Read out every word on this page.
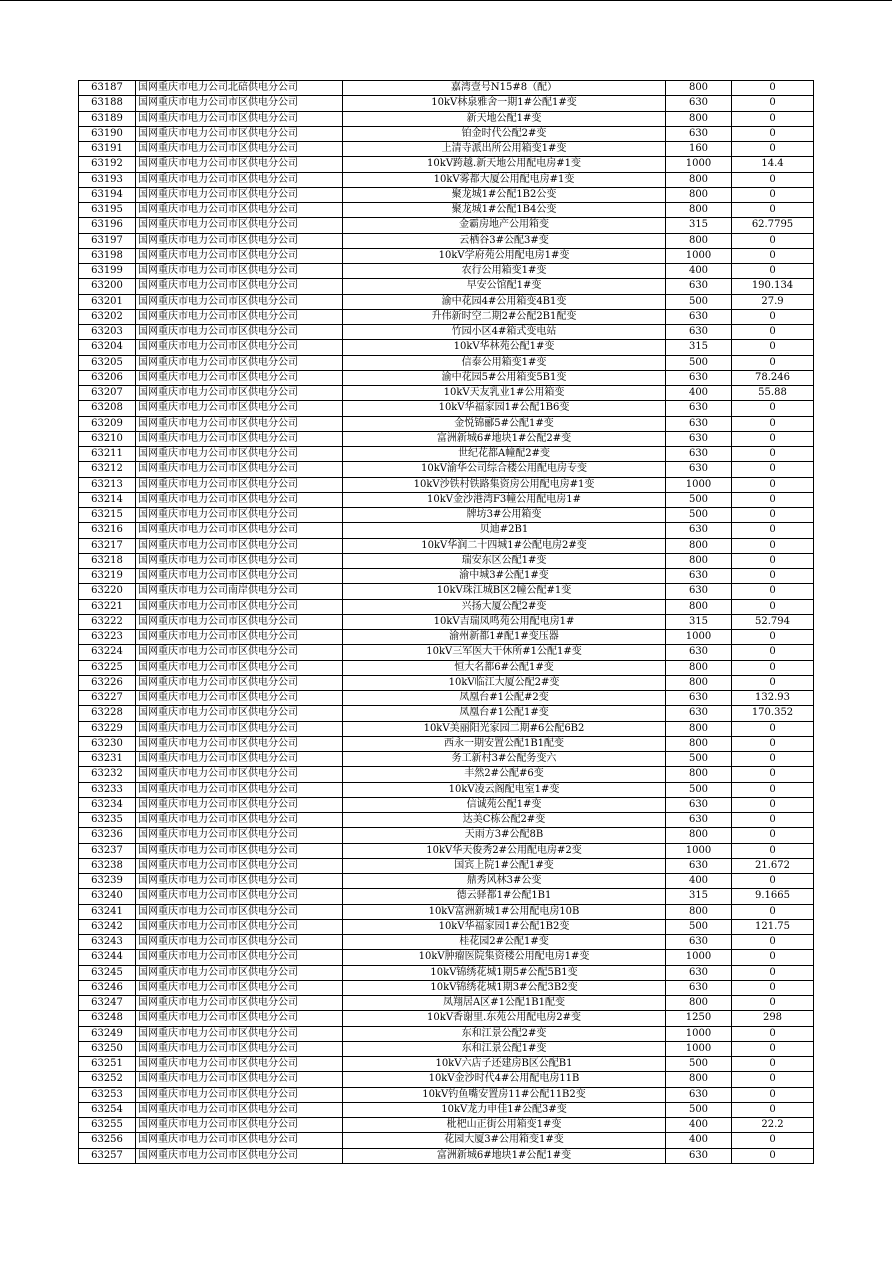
63187	国网重庆市电力公司北碚供电分公司	嘉湾壹号N15#8（配）	800	0
63188	国网重庆市电力公司市区供电分公司	10kV林泉雅舍一期1#公配1#变	630	0
63189	国网重庆市电力公司市区供电分公司	新天地公配1#变	800	0
63190	国网重庆市电力公司市区供电分公司	铂金时代公配2#变	630	0
63191	国网重庆市电力公司市区供电分公司	上清寺派出所公用箱变1#变	160	0
63192	国网重庆市电力公司市区供电分公司	10kV跨越.新天地公用配电房#1变	1000	14.4
63193	国网重庆市电力公司市区供电分公司	10kV雾都大厦公用配电房#1变	800	0
63194	国网重庆市电力公司市区供电分公司	聚龙城1#公配1B2公变	800	0
63195	国网重庆市电力公司市区供电分公司	聚龙城1#公配1B4公变	800	0
63196	国网重庆市电力公司市区供电分公司	金霸房地产公用箱变	315	62.7795
63197	国网重庆市电力公司市区供电分公司	云栖谷3#公配3#变	800	0
63198	国网重庆市电力公司市区供电分公司	10kV学府苑公用配电房1#变	1000	0
63199	国网重庆市电力公司市区供电分公司	农行公用箱变1#变	400	0
63200	国网重庆市电力公司市区供电分公司	早安公馆配1#变	630	190.134
63201	国网重庆市电力公司市区供电分公司	渝中花园4#公用箱变4B1变	500	27.9
63202	国网重庆市电力公司市区供电分公司	升伟新时空二期2#公配2B1配变	630	0
63203	国网重庆市电力公司市区供电分公司	竹园小区4#箱式变电站	630	0
63204	国网重庆市电力公司市区供电分公司	10kV华林苑公配1#变	315	0
63205	国网重庆市电力公司市区供电分公司	信泰公用箱变1#变	500	0
63206	国网重庆市电力公司市区供电分公司	渝中花园5#公用箱变5B1变	630	78.246
63207	国网重庆市电力公司市区供电分公司	10kV天友乳业1#公用箱变	400	55.88
63208	国网重庆市电力公司市区供电分公司	10kV华福家园1#公配1B6变	630	0
63209	国网重庆市电力公司市区供电分公司	金悦锦郦5#公配1#变	630	0
63210	国网重庆市电力公司市区供电分公司	富洲新城6#地块1#公配2#变	630	0
63211	国网重庆市电力公司市区供电分公司	世纪花都A幢配2#变	630	0
63212	国网重庆市电力公司市区供电分公司	10kV渝华公司综合楼公用配电房专变	630	0
63213	国网重庆市电力公司市区供电分公司	10kV沙铁村铁路集资房公用配电房#1变	1000	0
63214	国网重庆市电力公司市区供电分公司	10kV金沙港湾F3幢公用配电房1#	500	0
63215	国网重庆市电力公司市区供电分公司	牌坊3#公用箱变	500	0
63216	国网重庆市电力公司市区供电分公司	贝迪#2B1	630	0
63217	国网重庆市电力公司市区供电分公司	10kV华润二十四城1#公配电房2#变	800	0
63218	国网重庆市电力公司市区供电分公司	瑞安东区公配1#变	800	0
63219	国网重庆市电力公司市区供电分公司	渝中城3#公配1#变	630	0
63220	国网重庆市电力公司南岸供电分公司	10kV珠江城B区2幢公配#1变	630	0
63221	国网重庆市电力公司市区供电分公司	兴扬大厦公配2#变	800	0
63222	国网重庆市电力公司市区供电分公司	10kV吉瑞凤鸣苑公用配电房1#	315	52.794
63223	国网重庆市电力公司市区供电分公司	渝州新都1#配1#变压器	1000	0
63224	国网重庆市电力公司市区供电分公司	10kV三军医大干休所#1公配1#变	630	0
63225	国网重庆市电力公司市区供电分公司	恒大名都6#公配1#变	800	0
63226	国网重庆市电力公司市区供电分公司	10kV临江大厦公配2#变	800	0
63227	国网重庆市电力公司市区供电分公司	凤凰台#1公配#2变	630	132.93
63228	国网重庆市电力公司市区供电分公司	凤凰台#1公配1#变	630	170.352
63229	国网重庆市电力公司市区供电分公司	10kV美丽阳光家园二期#6公配6B2	800	0
63230	国网重庆市电力公司市区供电分公司	西永一期安置公配1B1配变	800	0
63231	国网重庆市电力公司市区供电分公司	务工新村3#公配务变六	500	0
63232	国网重庆市电力公司市区供电分公司	丰然2#公配#6变	800	0
63233	国网重庆市电力公司市区供电分公司	10kV凌云阁配电室1#变	500	0
63234	国网重庆市电力公司市区供电分公司	信诚苑公配1#变	630	0
63235	国网重庆市电力公司市区供电分公司	达美C栋公配2#变	630	0
63236	国网重庆市电力公司市区供电分公司	天雨方3#公配8B	800	0
63237	国网重庆市电力公司市区供电分公司	10kV华天俊秀2#公用配电房#2变	1000	0
63238	国网重庆市电力公司市区供电分公司	国宾上院1#公配1#变	630	21.672
63239	国网重庆市电力公司市区供电分公司	鼎秀风林3#公变	400	0
63240	国网重庆市电力公司市区供电分公司	德云驿都1#公配1B1	315	9.1665
63241	国网重庆市电力公司市区供电分公司	10kV富洲新城1#公用配电房10B	800	0
63242	国网重庆市电力公司市区供电分公司	10kV华福家园1#公配1B2变	500	121.75
63243	国网重庆市电力公司市区供电分公司	桂花园2#公配1#变	630	0
63244	国网重庆市电力公司市区供电分公司	10kV肿瘤医院集资楼公用配电房1#变	1000	0
63245	国网重庆市电力公司市区供电分公司	10kV锦绣花城1期5#公配5B1变	630	0
63246	国网重庆市电力公司市区供电分公司	10kV锦绣花城1期3#公配3B2变	630	0
63247	国网重庆市电力公司市区供电分公司	凤翔居A区#1公配1B1配变	800	0
63248	国网重庆市电力公司市区供电分公司	10kV香谢里.东苑公用配电房2#变	1250	298
63249	国网重庆市电力公司市区供电分公司	东和江景公配2#变	1000	0
63250	国网重庆市电力公司市区供电分公司	东和江景公配1#变	1000	0
63251	国网重庆市电力公司市区供电分公司	10kV六店子还建房B区公配B1	500	0
63252	国网重庆市电力公司市区供电分公司	10kV金沙时代4#公用配电房11B	800	0
63253	国网重庆市电力公司市区供电分公司	10kV钓鱼嘴安置房11#公配11B2变	630	0
63254	国网重庆市电力公司市区供电分公司	10kV龙力申佳1#公配3#变	500	0
63255	国网重庆市电力公司市区供电分公司	枇杷山正街公用箱变1#变	400	22.2
63256	国网重庆市电力公司市区供电分公司	花园大厦3#公用箱变1#变	400	0
63257	国网重庆市电力公司市区供电分公司	富洲新城6#地块1#公配1#变	630	0
